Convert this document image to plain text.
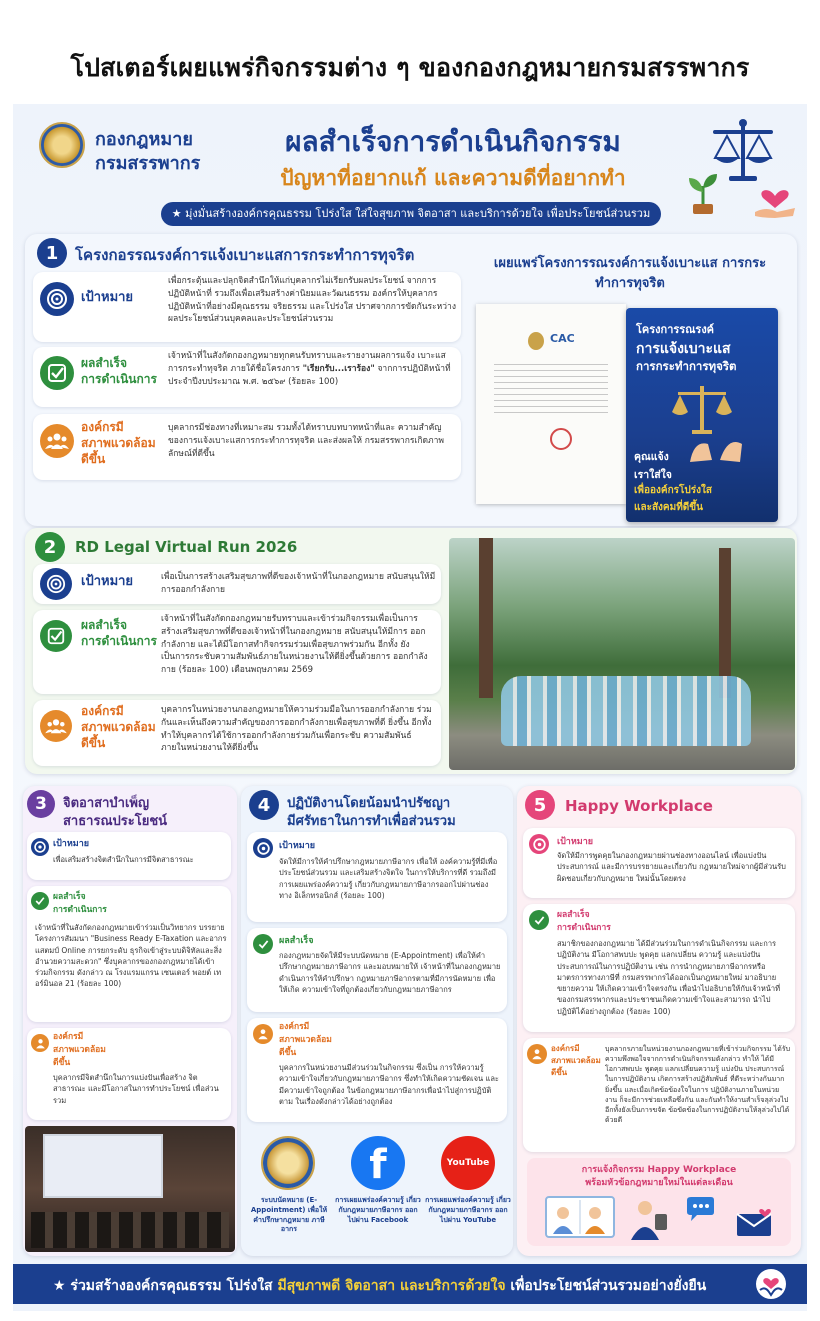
โปสเตอร์เผยแพร่กิจกรรมต่าง ๆ ของกองกฎหมายกรมสรรพากร
กองกฎหมาย
กรมสรรพากร
ผลสำเร็จการดำเนินกิจกรรม
ปัญหาที่อยากแก้ และความดีที่อยากทำ
★ มุ่งมั่นสร้างองค์กรคุณธรรม โปร่งใส ใส่ใจสุขภาพ จิตอาสา และบริการด้วยใจ เพื่อประโยชน์ส่วนรวม
1	โครงกอรรณรงค์การแจ้งเบาะแสการกระทำการทุจริต
เป้าหมาย
เพื่อกระตุ้นและปลุกจิตสำนึกให้แก่บุคลากรไม่เรียกรับผลประโยชน์ จากการปฏิบัติหน้าที่ รวมถึงเพื่อเสริมสร้างค่านิยมและวัฒนธรรม องค์กรให้บุคลากรปฏิบัติหน้าที่อย่างมีคุณธรรม จริยธรรม และโปร่งใส ปราศจากการขัดกันระหว่างผลประโยชน์ส่วนบุคคลและประโยชน์ส่วนรวม
ผลสำเร็จ
การดำเนินการ
เจ้าหน้าที่ในสังกัดกองกฎหมายทุกคนรับทราบและรายงานผลการแจ้ง เบาะแสการกระทำทุจริต ภายใต้ชื่อโครงการ "เรียกรับ...เราร้อง" จากการปฏิบัติหน้าที่ประจำปีงบประมาณ พ.ศ. ๒๕๖๙ (ร้อยละ 100)
องค์กรมี
สภาพแวดล้อม
ดีขึ้น
บุคลากรมีช่องทางที่เหมาะสม รวมทั้งได้ทราบบทบาทหน้าที่และ ความสำคัญของการแจ้งเบาะแสการกระทำการทุจริต และส่งผลให้ กรมสรรพากรเกิดภาพลักษณ์ที่ดีขึ้น
เผยแพร่โครงการรณรงค์การแจ้งเบาะแส การกระทำการทุจริต
CAC
โครงการรณรงค์
การแจ้งเบาะแส
การกระทำการทุจริต
คุณแจ้ง
เราใส่ใจ
เพื่อองค์กรโปร่งใส
และสังคมที่ดีขึ้น
2	RD Legal Virtual Run 2026
เป้าหมาย	เพื่อเป็นการสร้างเสริมสุขภาพที่ดีของเจ้าหน้าที่ในกองกฎหมาย สนับสนุนให้มีการออกกำลังกาย
ผลสำเร็จ
การดำเนินการ
เจ้าหน้าที่ในสังกัดกองกฎหมายรับทราบและเข้าร่วมกิจกรรมเพื่อเป็นการ สร้างเสริมสุขภาพที่ดีของเจ้าหน้าที่ในกองกฎหมาย สนับสนุนให้มีการ ออกกำลังกาย และได้มีโอกาสทำกิจกรรมร่วมเพื่อสุขภาพร่วมกัน อีกทั้ง ยังเป็นการกระชับความสัมพันธ์ภายในหน่วยงานให้ดียิ่งขึ้นด้วยการ ออกกำลังกาย (ร้อยละ 100) เดือนพฤษภาคม 2569
องค์กรมี
สภาพแวดล้อม
ดีขึ้น
บุคลากรในหน่วยงานกองกฎหมายให้ความร่วมมือในการออกกำลังกาย ร่วมกันและเห็นถึงความสำคัญของการออกกำลังกายเพื่อสุขภาพที่ดี ยิ่งขึ้น อีกทั้ง ทำให้บุคลากรได้ใช้การออกกำลังกายร่วมกันเพื่อกระชับ ความสัมพันธ์ภายในหน่วยงานให้ดียิ่งขึ้น
3	จิตอาสาบำเพ็ญ
สาธารณประโยชน์
เป้าหมาย
เพื่อเสริมสร้างจิตสำนึกในการมีจิตสาธารณะ
ผลสำเร็จ
การดำเนินการ
เจ้าหน้าที่ในสังกัดกองกฎหมายเข้าร่วมเป็นวิทยากร บรรยายโครงการสัมมนา "Business Ready E-Taxation และอากรแสตมป์ Online การยกระดับ ธุรกิจเข้าสู่ระบบดิจิทัลและสิ่งอำนวยความสะดวก" ซึ่งบุคลากรของกองกฎหมายได้เข้าร่วมกิจกรรม ดังกล่าว ณ โรงแรมแกรน เซนเตอร์ พอยต์ เทอร์มินอล 21 (ร้อยละ 100)
องค์กรมี
สภาพแวดล้อม
ดีขึ้น
บุคลากรมีจิตสำนึกในการแบ่งปันเพื่อสร้าง จิตสาธารณะ และมีโอกาสในการทำประโยชน์ เพื่อส่วนรวม
4	ปฏิบัติงานโดยน้อมนำปรัชญา
มีศรัทธาในการทำเพื่อส่วนรวม
เป้าหมาย
จัดให้มีการให้คำปรึกษากฎหมายภาษีอากร เพื่อให้ องค์ความรู้ที่มีเพื่อประโยชน์ส่วนรวม และเสริมสร้างจิตใจ ในการให้บริการที่ดี รวมถึงมีการเผยแพร่องค์ความรู้ เกี่ยวกับกฎหมายภาษีอากรออกไปผ่านช่องทาง อิเล็กทรอนิกส์ (ร้อยละ 100)
ผลสำเร็จ
กองกฎหมายจัดให้มีระบบนัดหมาย (E-Appointment) เพื่อให้คำปรึกษากฎหมายภาษีอากร และมอบหมายให้ เจ้าหน้าที่ในกองกฎหมายดำเนินการให้คำปรึกษา กฎหมายภาษีอากรตามที่มีการนัดหมาย เพื่อให้เกิด ความเข้าใจที่ถูกต้องเกี่ยวกับกฎหมายภาษีอากร
องค์กรมี
สภาพแวดล้อม
ดีขึ้น
บุคลากรในหน่วยงานมีส่วนร่วมในกิจกรรม ซึ่งเป็น การให้ความรู้ความเข้าใจเกี่ยวกับกฎหมายภาษีอากร ซึ่งทำให้เกิดความชัดเจน และมีความเข้าใจถูกต้อง ในข้อกฎหมายภาษีอากรเพื่อนำไปสู่การปฏิบัติตาม ในเรื่องดังกล่าวได้อย่างถูกต้อง
f	YouTube
ระบบนัดหมาย (E-Appointment) เพื่อให้คำปรึกษากฎหมาย ภาษีอากร
การเผยแพร่องค์ความรู้ เกี่ยวกับกฎหมายภาษีอากร ออกไปผ่าน Facebook
การเผยแพร่องค์ความรู้ เกี่ยวกับกฎหมายภาษีอากร ออกไปผ่าน YouTube
5	Happy Workplace
เป้าหมาย
จัดให้มีการพูดคุยในกองกฎหมายผ่านช่องทางออนไลน์ เพื่อแบ่งปันประสบการณ์ และมีการบรรยายและเกี่ยวกับ กฎหมายใหม่จากผู้มีส่วนรับผิดชอบเกี่ยวกับกฎหมาย ใหม่นั้นโดยตรง
ผลสำเร็จ
การดำเนินการ
สมาชิกของกองกฎหมาย ได้มีส่วนร่วมในการดำเนินกิจกรรม และการปฏิบัติงาน มีโอกาสพบปะ พูดคุย แลกเปลี่ยน ความรู้ และแบ่งปันประสบการณ์ในการปฏิบัติงาน เช่น การนำกฎหมายภาษีอากรหรือมาตรการทางภาษีที่ กรมสรรพากรได้ออกเป็นกฎหมายใหม่ มาอธิบายขยายความ ให้เกิดความเข้าใจตรงกัน เพื่อนำไปอธิบายให้กับเจ้าหน้าที่ ของกรมสรรพากรและประชาชนเกิดความเข้าใจและสามารถ นำไปปฏิบัติได้อย่างถูกต้อง (ร้อยละ 100)
องค์กรมี
สภาพแวดล้อม
ดีขึ้น
บุคลากรภายในหน่วยงานกองกฎหมายที่เข้าร่วมกิจกรรม ได้รับความพึงพอใจจากการดำเนินกิจกรรมดังกล่าว ทำให้ ได้มีโอกาสพบปะ พูดคุย แลกเปลี่ยนความรู้ แบ่งปัน ประสบการณ์ในการปฏิบัติงาน เกิดการสร้างปฏิสัมพันธ์ ที่ดีระหว่างกันมากยิ่งขึ้น และเมื่อเกิดข้อข้องใจในการ ปฏิบัติงานภายในหน่วยงาน ก็จะมีการช่วยเหลือซึ่งกัน และกันทำให้งานสำเร็จลุล่วงไป อีกทั้งยังเป็นการขจัด ข้อขัดข้องในการปฏิบัติงานให้ลุล่วงไปได้ด้วยดี
การแจ้งกิจกรรม Happy Workplace
พร้อมหัวข้อกฎหมายใหม่ในแต่ละเดือน
★ ร่วมสร้างองค์กรคุณธรรม โปร่งใส มีสุขภาพดี จิตอาสา และบริการด้วยใจ เพื่อประโยชน์ส่วนรวมอย่างยั่งยืน
